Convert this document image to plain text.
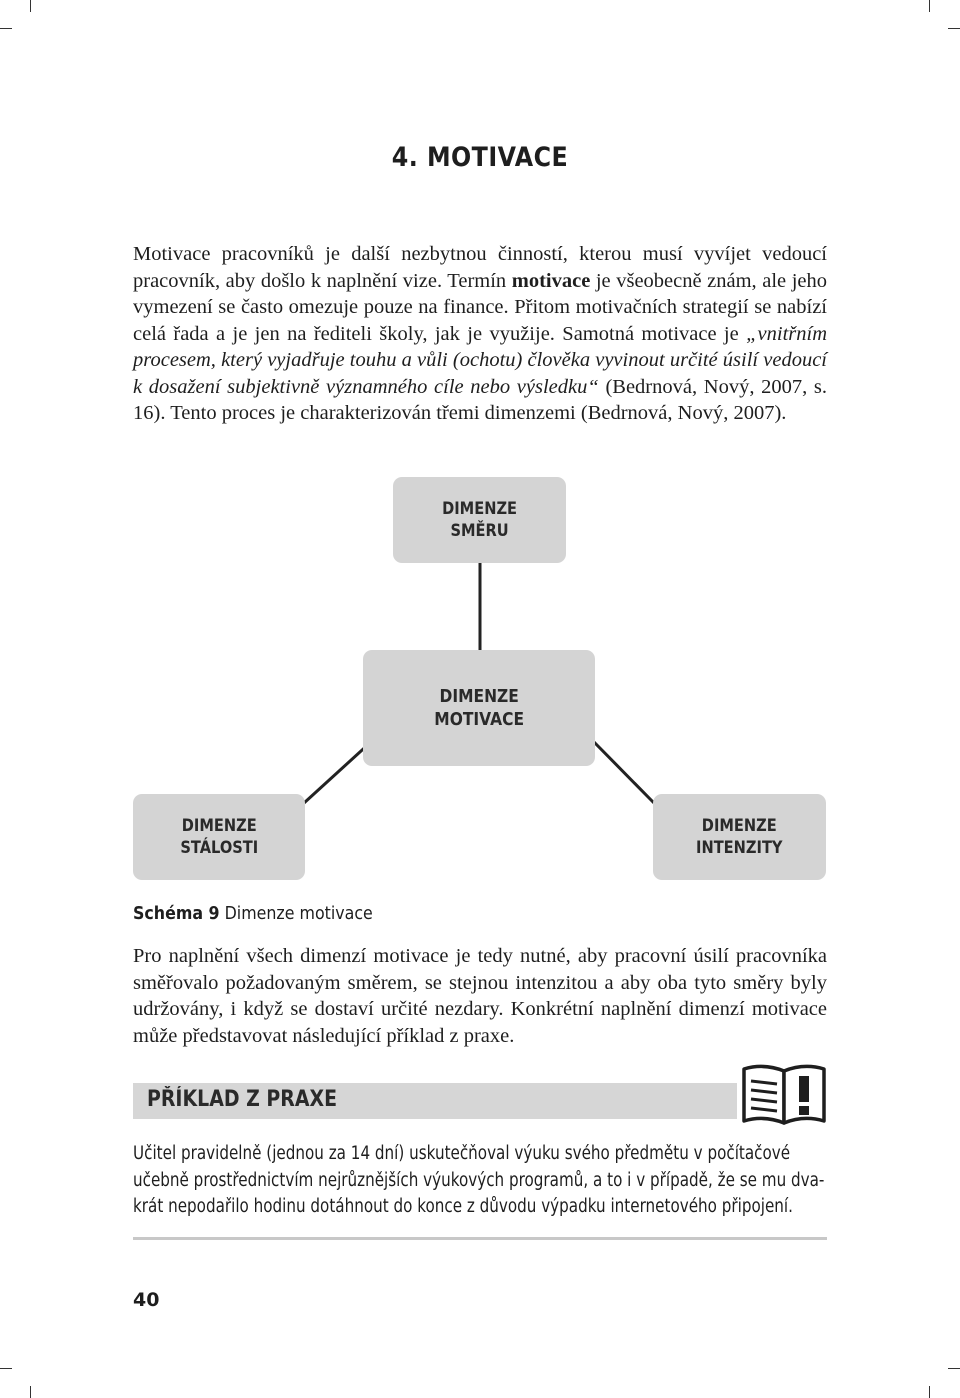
4. MOTIVACE

Motivace pracovníků je další nezbytnou činností, kterou musí vyvíjet vedoucí pracovník, aby došlo k naplnění vize. Termín motivace je všeobecně znám, ale jeho vymezení se často omezuje pouze na finance. Přitom motivačních strategií se nabízí celá řada a je jen na řediteli školy, jak je využije. Samotná motivace je „vnitřním procesem, který vyjadřuje touhu a vůli (ochotu) člověka vyvinout určité úsilí vedoucí k dosažení subjektivně významného cíle nebo výsledku“ (Bedrnová, Nový, 2007, s. 16). Tento proces je charakterizován třemi dimenzemi (Bedrnová, Nový, 2007).

DIMENZE
SMĚRU
DIMENZE
MOTIVACE
DIMENZE
STÁLOSTI
DIMENZE
INTENZITY

Schéma 9 Dimenze motivace

Pro naplnění všech dimenzí motivace je tedy nutné, aby pracovní úsilí pracovníka směřovalo požadovaným směrem, se stejnou intenzitou a aby oba tyto směry byly udržovány, i když se dostaví určité nezdary. Konkrétní naplnění dimenzí motivace může představovat následující příklad z praxe.

PŘÍKLAD Z PRAXE

Učitel pravidelně (jednou za 14 dní) uskutečňoval výuku svého předmětu v počítačové
učebně prostřednictvím nejrůznějších výukových programů, a to i v případě, že se mu dva-
krát nepodařilo hodinu dotáhnout do konce z důvodu výpadku internetového připojení.

40
